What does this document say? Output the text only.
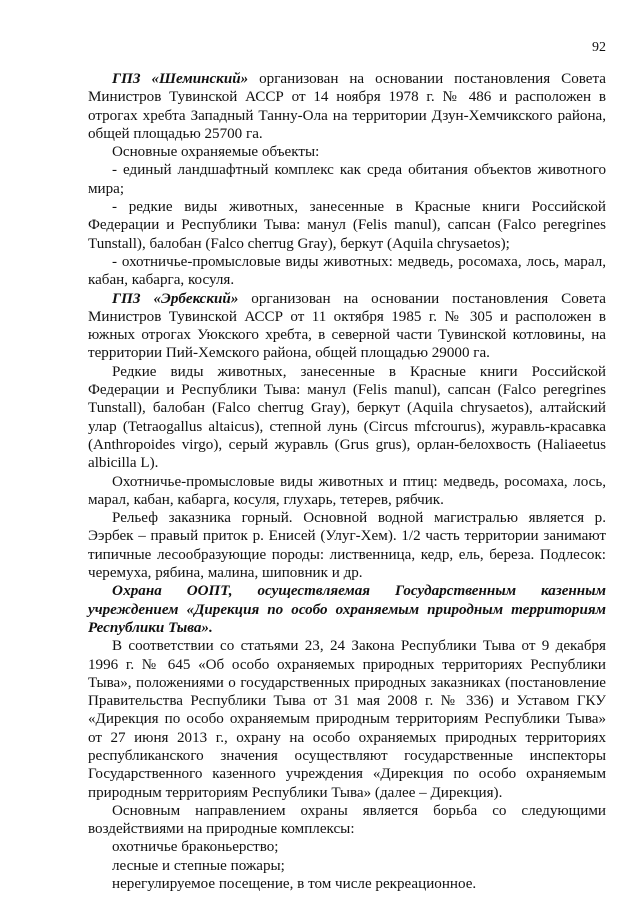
92

ГПЗ «Шеминский» организован на основании постановления Совета Министров Тувинской АССР от 14 ноября 1978 г. № 486 и расположен в отрогах хребта Западный Танну-Ола на территории Дзун-Хемчикского района, общей площадью 25700 га.

Основные охраняемые объекты:

- единый ландшафтный комплекс как среда обитания объектов животного мира;

- редкие виды животных, занесенные в Красные книги Российской Федерации и Республики Тыва: манул (Felis manul), сапсан (Falco peregrines Tunstall), балобан (Falco cherrug Gray), беркут (Aquila chrysaetos);

- охотничье-промысловые виды животных: медведь, росомаха, лось, марал, кабан, кабарга, косуля.

ГПЗ «Эрбекский» организован на основании постановления Совета Министров Тувинской АССР от 11 октября 1985 г. № 305 и расположен в южных отрогах Уюкского хребта, в северной части Тувинской котловины, на территории Пий-Хемского района, общей площадью 29000 га.

Редкие виды животных, занесенные в Красные книги Российской Федерации и Республики Тыва: манул (Felis manul), сапсан (Falco peregrines Tunstall), балобан (Falco cherrug Gray), беркут (Aquila chrysaetos), алтайский улар (Tetraogallus altaicus), степной лунь (Circus mfcrourus), журавль-красавка (Anthropoides virgo), серый журавль (Grus grus), орлан-белохвость (Haliaeetus albicilla L).

Охотничье-промысловые виды животных и птиц: медведь, росомаха, лось, марал, кабан, кабарга, косуля, глухарь, тетерев, рябчик.

Рельеф заказника горный. Основной водной магистралью является р. Ээрбек – правый приток р. Енисей (Улуг-Хем). 1/2 часть территории занимают типичные лесообразующие породы: лиственница, кедр, ель, береза. Подлесок: черемуха, рябина, малина, шиповник и др.

Охрана ООПТ, осуществляемая Государственным казенным учреждением «Дирекция по особо охраняемым природным территориям Республики Тыва».

В соответствии со статьями 23, 24 Закона Республики Тыва от 9 декабря 1996 г. № 645 «Об особо охраняемых природных территориях Республики Тыва», положениями о государственных природных заказниках (постановление Правительства Республики Тыва от 31 мая 2008 г. № 336) и Уставом ГКУ «Дирекция по особо охраняемым природным территориям Республики Тыва» от 27 июня 2013 г., охрану на особо охраняемых природных территориях республиканского значения осуществляют государственные инспекторы Государственного казенного учреждения «Дирекция по особо охраняемым природным территориям Республики Тыва» (далее – Дирекция).

Основным направлением охраны является борьба со следующими воздействиями на природные комплексы:

охотничье браконьерство;

лесные и степные пожары;

нерегулируемое посещение, в том числе рекреационное.
